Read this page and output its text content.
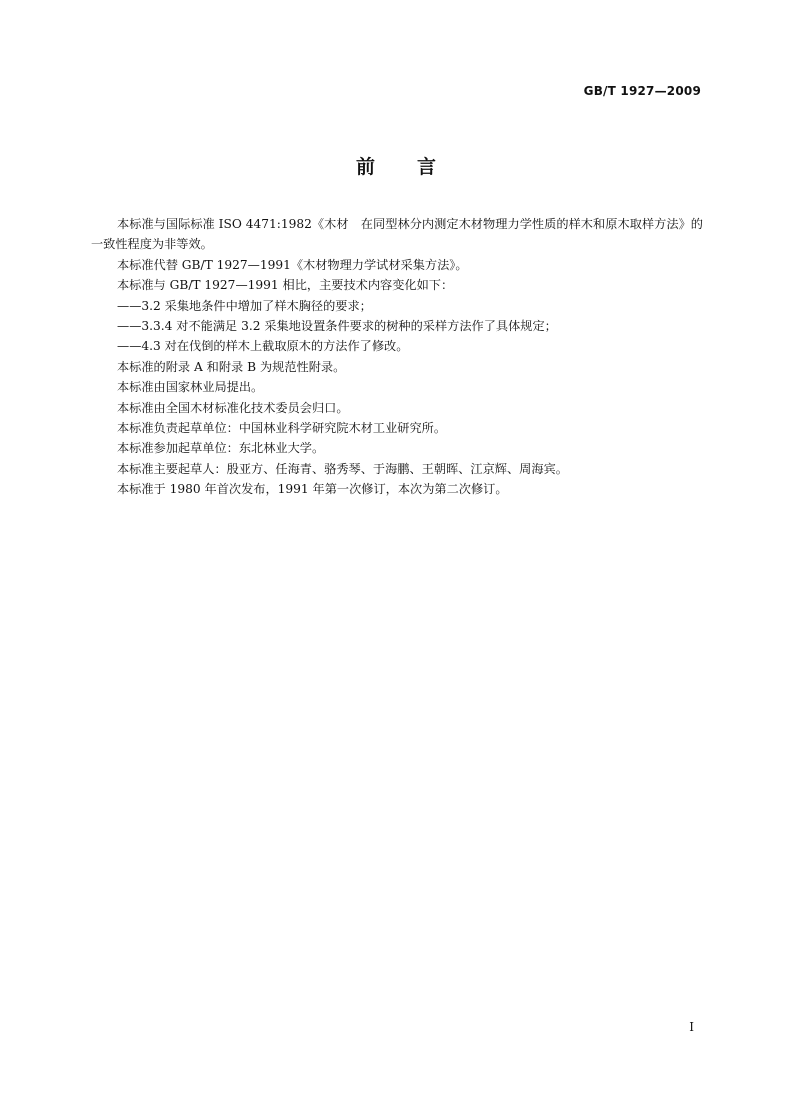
GB/T 1927—2009
前言

本标准与国际标准 ISO 4471:1982《木材　在同型林分内测定木材物理力学性质的样木和原木取样方法》的一致性程度为非等效。

本标准代替 GB/T 1927—1991《木材物理力学试材采集方法》。

本标准与 GB/T 1927—1991 相比，主要技术内容变化如下：

——3.2 采集地条件中增加了样木胸径的要求；

——3.3.4 对不能满足 3.2 采集地设置条件要求的树种的采样方法作了具体规定；

——4.3 对在伐倒的样木上截取原木的方法作了修改。

本标准的附录 A 和附录 B 为规范性附录。

本标准由国家林业局提出。

本标准由全国木材标准化技术委员会归口。

本标准负责起草单位：中国林业科学研究院木材工业研究所。

本标准参加起草单位：东北林业大学。

本标准主要起草人：殷亚方、任海青、骆秀琴、于海鹏、王朝晖、江京辉、周海宾。

本标准于 1980 年首次发布，1991 年第一次修订，本次为第二次修订。

I
